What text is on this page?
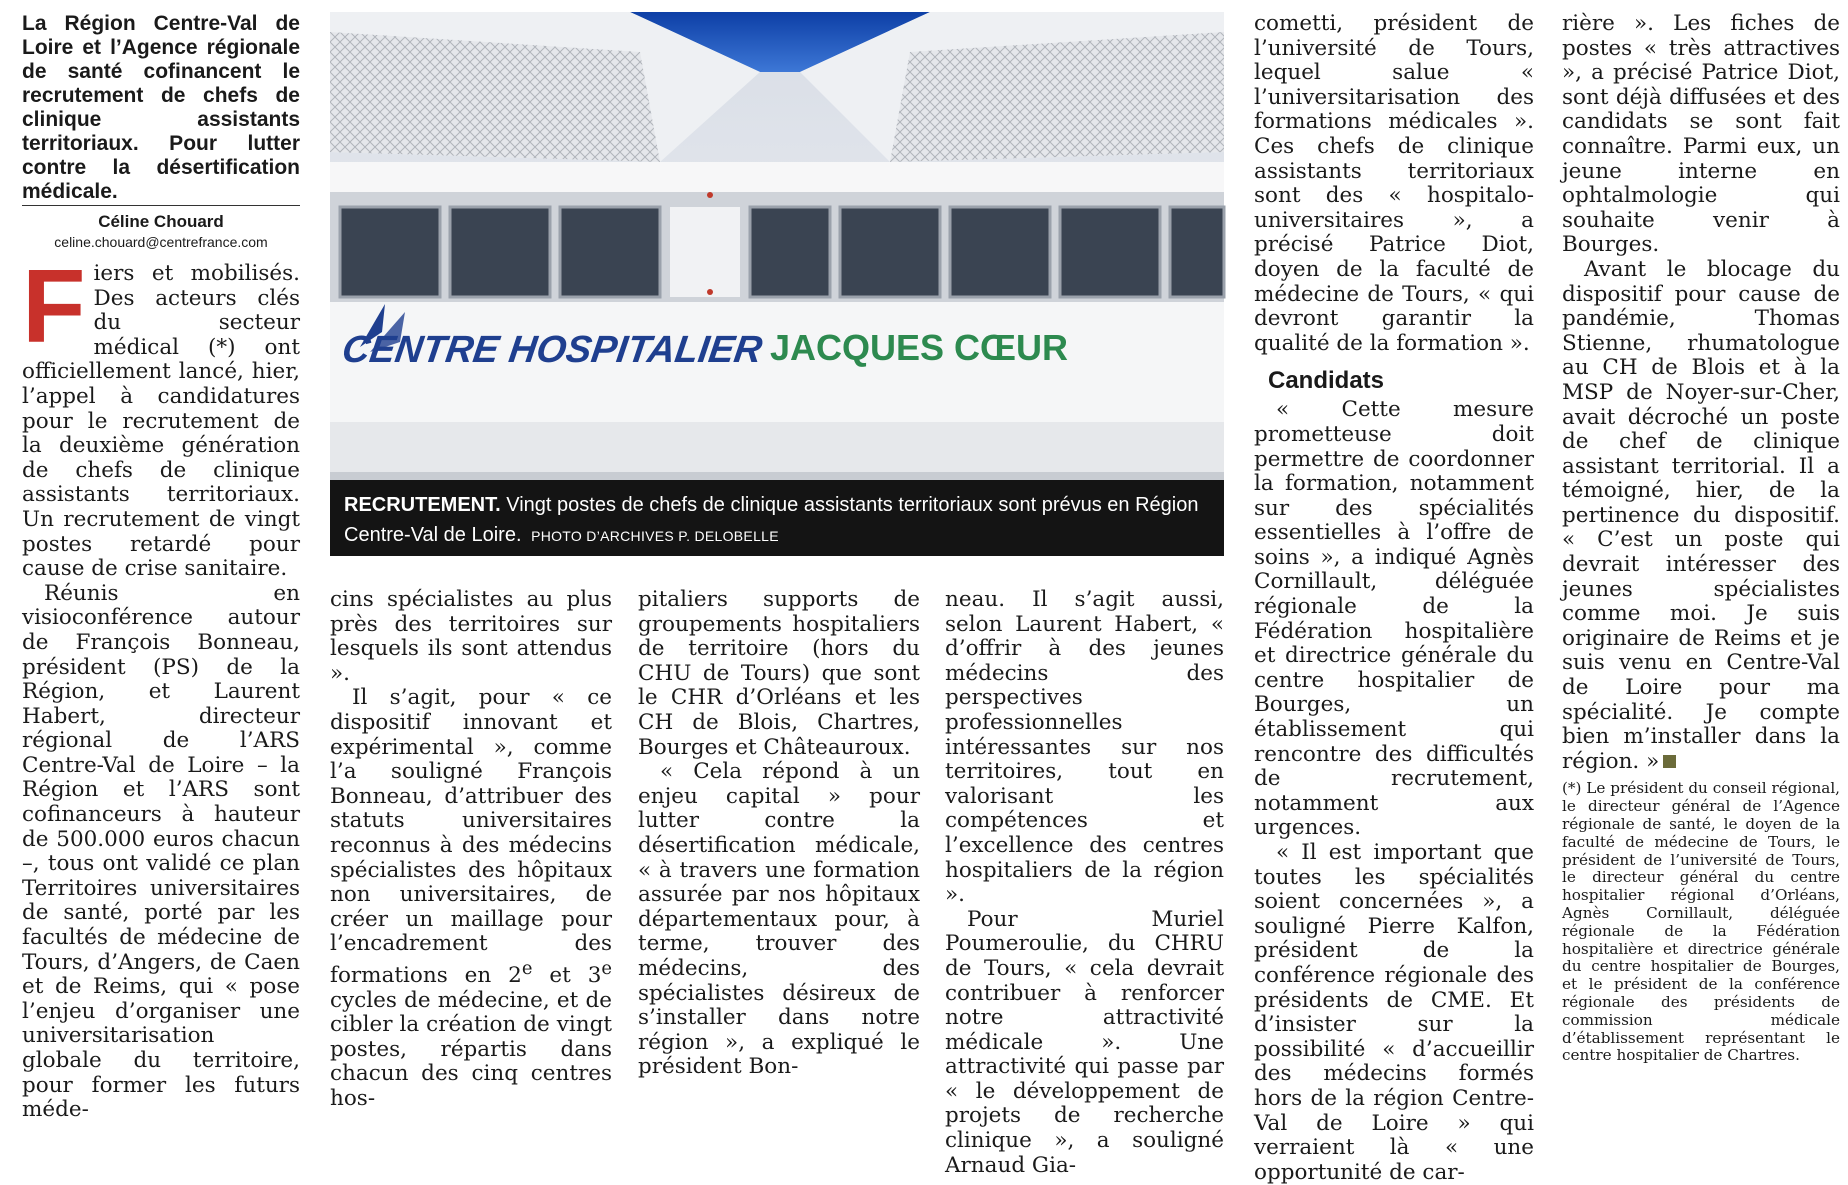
La Région Centre-Val de Loire et l’Agence régionale de santé cofinancent le recrutement de chefs de clinique assistants territoriaux. Pour lutter contre la désertification médicale.

Céline Chouard
celine.chouard@centrefrance.com

Fiers et mobilisés. Des acteurs clés du secteur médical (*) ont officiellement lancé, hier, l’appel à candidatures pour le recrutement de la deuxième génération de chefs de clinique assistants territoriaux. Un recrutement de vingt postes retardé pour cause de crise sanitaire.

Réunis en visioconférence autour de François Bonneau, président (PS) de la Région, et Laurent Habert, directeur régional de l’ARS Centre-Val de Loire – la Région et l’ARS sont cofinanceurs à hauteur de 500.000 euros chacun –, tous ont validé ce plan Territoires universitaires de santé, porté par les facultés de médecine de Tours, d’Angers, de Caen et de Reims, qui « pose l’enjeu d’organiser une universitarisation globale du territoire, pour former les futurs méde-

CENTRE HOSPITALIER JACQUES CŒUR
RECRUTEMENT. Vingt postes de chefs de clinique assistants territoriaux sont prévus en Région Centre-Val de Loire. PHOTO D’ARCHIVES P. DELOBELLE

cins spécialistes au plus près des territoires sur lesquels ils sont attendus ».

Il s’agit, pour « ce dispositif innovant et expérimental », comme l’a souligné François Bonneau, d’attribuer des statuts universitaires reconnus à des médecins spécialistes des hôpitaux non universitaires, de créer un maillage pour l’encadrement des formations en 2e et 3e cycles de médecine, et de cibler la création de vingt postes, répartis dans chacun des cinq centres hos-

pitaliers supports de groupements hospitaliers de territoire (hors du CHU de Tours) que sont le CHR d’Orléans et les CH de Blois, Chartres, Bourges et Châteauroux.

« Cela répond à un enjeu capital » pour lutter contre la désertification médicale, « à travers une formation assurée par nos hôpitaux départementaux pour, à terme, trouver des médecins, des spécialistes désireux de s’installer dans notre région », a expliqué le président Bon-

neau. Il s’agit aussi, selon Laurent Habert, « d’offrir à des jeunes médecins des perspectives professionnelles intéressantes sur nos territoires, tout en valorisant les compétences et l’excellence des centres hospitaliers de la région ».

Pour Muriel Poumeroulie, du CHRU de Tours, « cela devrait contribuer à renforcer notre attractivité médicale ». Une attractivité qui passe par « le développement de projets de recherche clinique », a souligné Arnaud Gia-

cometti, président de l’université de Tours, lequel salue « l’universitarisation des formations médicales ». Ces chefs de clinique assistants territoriaux sont des « hospitalo-universitaires », a précisé Patrice Diot, doyen de la faculté de médecine de Tours, « qui devront garantir la qualité de la formation ».

Candidats

« Cette mesure prometteuse doit permettre de coordonner la formation, notamment sur des spécialités essentielles à l’offre de soins », a indiqué Agnès Cornillault, déléguée régionale de la Fédération hospitalière et directrice générale du centre hospitalier de Bourges, un établissement qui rencontre des difficultés de recrutement, notamment aux urgences.

« Il est important que toutes les spécialités soient concernées », a souligné Pierre Kalfon, président de la conférence régionale des présidents de CME. Et d’insister sur la possibilité « d’accueillir des médecins formés hors de la région Centre-Val de Loire » qui verraient là « une opportunité de car-

rière ». Les fiches de postes « très attractives », a précisé Patrice Diot, sont déjà diffusées et des candidats se sont fait connaître. Parmi eux, un jeune interne en ophtalmologie qui souhaite venir à Bourges.

Avant le blocage du dispositif pour cause de pandémie, Thomas Stienne, rhumatologue au CH de Blois et à la MSP de Noyer-sur-Cher, avait décroché un poste de chef de clinique assistant territorial. Il a témoigné, hier, de la pertinence du dispositif. « C’est un poste qui devrait intéresser des jeunes spécialistes comme moi. Je suis originaire de Reims et je suis venu en Centre-Val de Loire pour ma spécialité. Je compte bien m’installer dans la région. »

(*) Le président du conseil régional, le directeur général de l’Agence régionale de santé, le doyen de la faculté de médecine de Tours, le président de l’université de Tours, le directeur général du centre hospitalier régional d’Orléans, Agnès Cornillault, déléguée régionale de la Fédération hospitalière et directrice générale du centre hospitalier de Bourges, et le président de la conférence régionale des présidents de commission médicale d’établissement représentant le centre hospitalier de Chartres.
